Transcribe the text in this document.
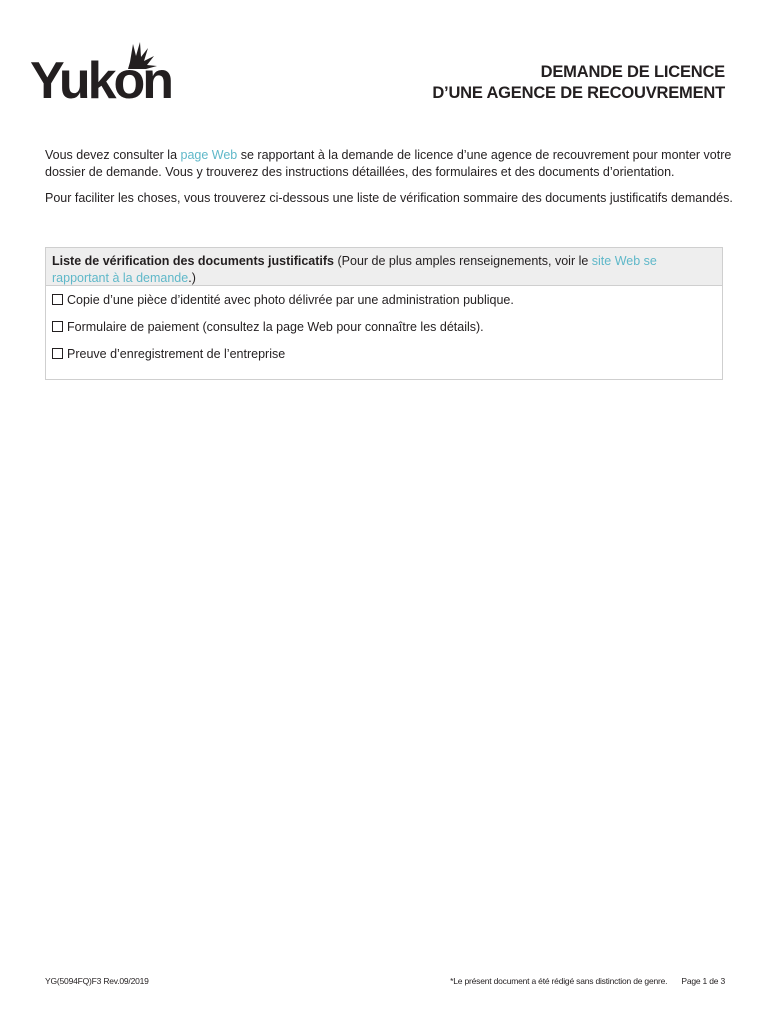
Yukon	DEMANDE DE LICENCE
D’UNE AGENCE DE RECOUVREMENT

Vous devez consulter la page Web se rapportant à la demande de licence d’une agence de recouvrement pour monter votre dossier de demande. Vous y trouverez des instructions détaillées, des formulaires et des documents d’orientation.

Pour faciliter les choses, vous trouverez ci-dessous une liste de vérification sommaire des documents justificatifs demandés.

Liste de vérification des documents justificatifs (Pour de plus amples renseignements, voir le site Web se rapportant à la demande.)
Copie d’une pièce d’identité avec photo délivrée par une administration publique.
Formulaire de paiement (consultez la page Web pour connaître les détails).
Preuve d’enregistrement de l’entreprise
YG(5094FQ)F3 Rev.09/2019	*Le présent document a été rédigé sans distinction de genre. Page 1 de 3
